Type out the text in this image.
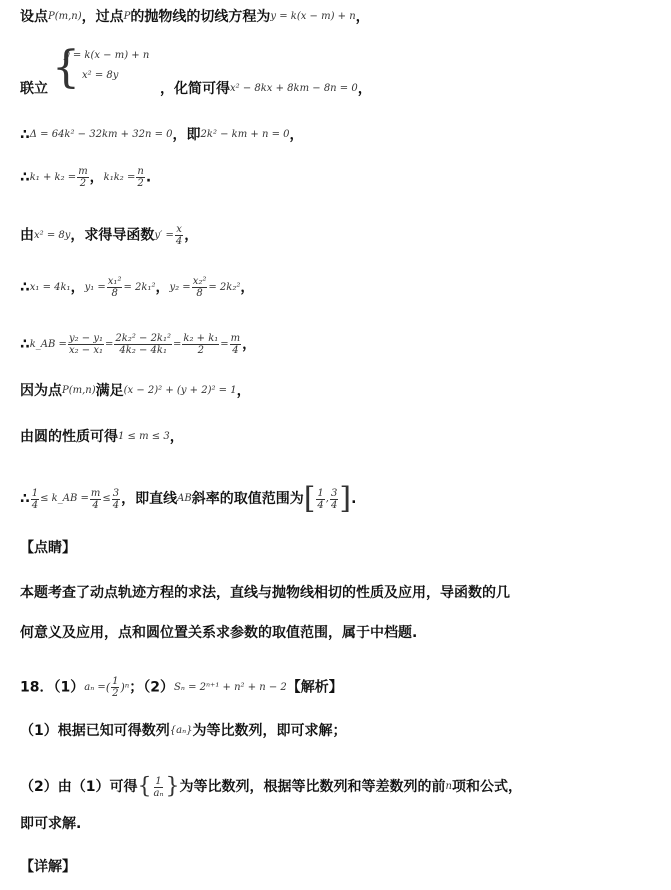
设点P(m,n)，过点P的抛物线的切线方程为y = k(x − m) + n，
{
y = k(x − m) + n
x² = 8y
联立	，化简可得x² − 8kx + 8km − 8n = 0，
∴Δ = 64k² − 32km + 32n = 0，即2k² − km + n = 0，
∴k₁ + $k_2 = \frac{m}{2}$ ，$k_1k_2 = \frac{n}{2}$ .
由x² = 8y，求得导函数$y' = \frac{x}{4}$ ，
∴x₁ = 4k₁，$y_1 = \frac{\text{x₁²}}{8} = 2k_1^2$，$y_2 = \frac{\text{x₂²}}{8} = 2k_2^2$，
∴k_AB = $\frac{\text{y₂ − y₁}}{\text{x₂ − x₁}} = \frac{\text{2k₂² − 2k₁²}}{\text{4k₂ − 4k₁}} = \frac{\text{k₂ + k₁}}{2} = \frac{m}{4}$ ，
因为点P(m,n)满足(x − 2)² + (y + 2)² = 1，
由圆的性质可得1 ≤ m ≤ 3，
∴ $\frac{1}{4}$ ≤ k_AB = $\frac{m}{4} \le \frac{3}{4}$ ，即直线AB斜率的取值范围为[ $\frac{1}{4}$ , $\frac{3}{4}$ ].
【点睛】
本题考查了动点轨迹方程的求法，直线与抛物线相切的性质及应用，导函数的几
何意义及应用，点和圆位置关系求参数的取值范围，属于中档题.
18．（1）aₙ =( $\frac{1}{2} )^n$；（2）Sₙ = 2ⁿ⁺¹ + n² + n − 2【解析】
（1）根据已知可得数列{aₙ}为等比数列，即可求解；
（2）由（1）可得{ $\frac{1}{\text{aₙ}}$ }为等比数列，根据等比数列和等差数列的前n项和公式，
即可求解.
【详解】
